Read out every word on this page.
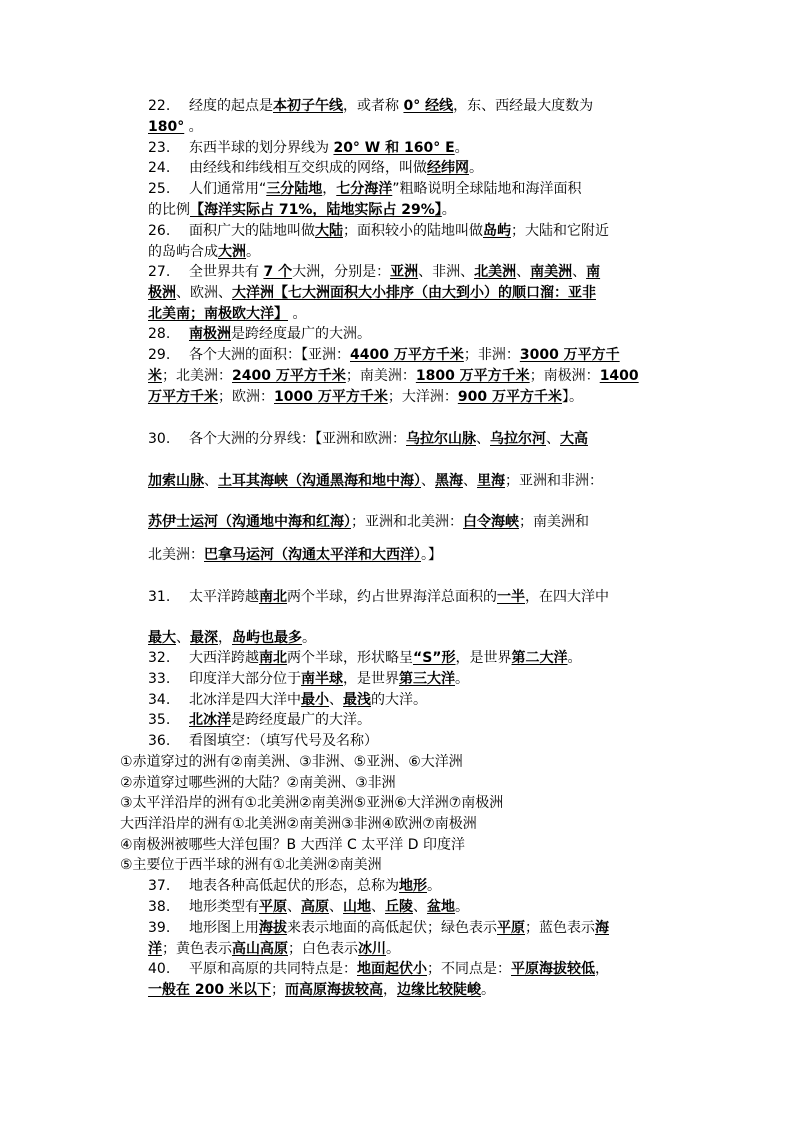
22. 经度的起点是本初子午线，或者称 0° 经线，东、西经最大度数为
180° 。
23. 东西半球的划分界线为 20° W 和 160° E。
24. 由经线和纬线相互交织成的网络，叫做经纬网。
25. 人们通常用“三分陆地，七分海洋”粗略说明全球陆地和海洋面积
的比例【海洋实际占 71%，陆地实际占 29%】。
26. 面积广大的陆地叫做大陆；面积较小的陆地叫做岛屿；大陆和它附近
的岛屿合成大洲。
27. 全世界共有 7 个大洲，分别是：亚洲、非洲、北美洲、南美洲、南
极洲、欧洲、大洋洲【七大洲面积大小排序（由大到小）的顺口溜：亚非
北美南；南极欧大洋】 。
28. 南极洲是跨经度最广的大洲。
29. 各个大洲的面积：【亚洲：4400 万平方千米；非洲：3000 万平方千
米；北美洲：2400 万平方千米；南美洲：1800 万平方千米；南极洲：1400
万平方千米；欧洲：1000 万平方千米；大洋洲：900 万平方千米】。
30. 各个大洲的分界线：【亚洲和欧洲：乌拉尔山脉、乌拉尔河、大高
加索山脉、土耳其海峡（沟通黑海和地中海）、黑海、里海；亚洲和非洲：
苏伊士运河（沟通地中海和红海）；亚洲和北美洲：白令海峡；南美洲和
北美洲：巴拿马运河（沟通太平洋和大西洋）。】
31. 太平洋跨越南北两个半球，约占世界海洋总面积的一半，在四大洋中
最大、最深，岛屿也最多。
32. 大西洋跨越南北两个半球，形状略呈“S”形，是世界第二大洋。
33. 印度洋大部分位于南半球，是世界第三大洋。
34. 北冰洋是四大洋中最小、最浅的大洋。
35. 北冰洋是跨经度最广的大洋。
36. 看图填空：（填写代号及名称）
①赤道穿过的洲有②南美洲、③非洲、⑤亚洲、⑥大洋洲
②赤道穿过哪些洲的大陆？②南美洲、③非洲
③太平洋沿岸的洲有①北美洲②南美洲⑤亚洲⑥大洋洲⑦南极洲
大西洋沿岸的洲有①北美洲②南美洲③非洲④欧洲⑦南极洲
④南极洲被哪些大洋包围？B 大西洋 C 太平洋 D 印度洋
⑤主要位于西半球的洲有①北美洲②南美洲
37. 地表各种高低起伏的形态，总称为地形。
38. 地形类型有平原、高原、山地、丘陵、盆地。
39. 地形图上用海拔来表示地面的高低起伏；绿色表示平原；蓝色表示海
洋；黄色表示高山高原；白色表示冰川。
40. 平原和高原的共同特点是：地面起伏小；不同点是：平原海拔较低，
一般在 200 米以下；而高原海拔较高，边缘比较陡峻。
